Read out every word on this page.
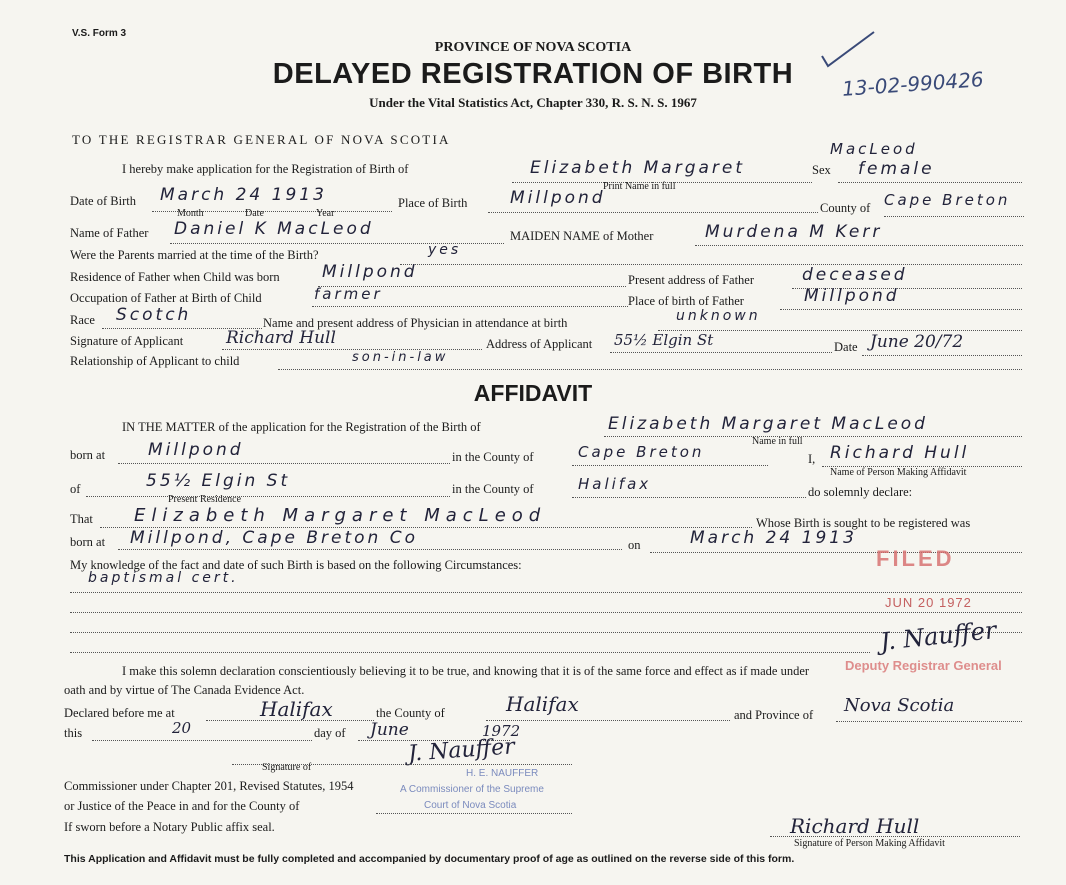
V.S. Form 3
PROVINCE OF NOVA SCOTIA
DELAYED REGISTRATION OF BIRTH
Under the Vital Statistics Act, Chapter 330, R. S. N. S. 1967
13-02-990426
TO THE REGISTRAR GENERAL OF NOVA SCOTIA
I hereby make application for the Registration of Birth of	Elizabeth Margaret
MacLeod
Print Name in full
Sex female
Date of Birth March 24 1913
Month	Date	Year
Place of Birth	Millpond	County of Cape Breton
Name of Father Daniel K MacLeod	MAIDEN NAME of Mother	Murdena M Kerr
Were the Parents married at the time of the Birth?	yes
Residence of Father when Child was born Millpond	Present address of Father	deceased
Occupation of Father at Birth of Child	farmer	Place of birth of Father	Millpond
Race Scotch	Name and present address of Physician in attendance at birth	unknown
Signature of Applicant	Richard Hull	Address of Applicant 55½ Elgin St	Date June 20/72
Relationship of Applicant to child	son-in-law
AFFIDAVIT
IN THE MATTER of the application for the Registration of the Birth of	Elizabeth Margaret MacLeod
Name in full
born at	Millpond	in the County of	Cape Breton	I, Richard Hull
Name of Person Making Affidavit
of	55½ Elgin St
Present Residence
in the County of	Halifax	do solemnly declare:
That Elizabeth Margaret MacLeod	Whose Birth is sought to be registered was
born at Millpond, Cape Breton Co	on	March 24 1913
My knowledge of the fact and date of such Birth is based on the following Circumstances:
baptismal cert.
I make this solemn declaration conscientiously believing it to be true, and knowing that it is of the same force and effect as if made under
oath and by virtue of The Canada Evidence Act.
Declared before me at	Halifax	the County of	Halifax	and Province of Nova Scotia
this	20	day of June	1972
J. Nauffer
Signature of
H. E. NAUFFER
A Commissioner of the Supreme
Court of Nova Scotia
Commissioner under Chapter 201, Revised Statutes, 1954
or Justice of the Peace in and for the County of
If sworn before a Notary Public affix seal.	Richard Hull
Signature of Person Making Affidavit
FILED
JUN 20 1972
J. Nauffer
Deputy Registrar General
This Application and Affidavit must be fully completed and accompanied by documentary proof of age as outlined on the reverse side of this form.
